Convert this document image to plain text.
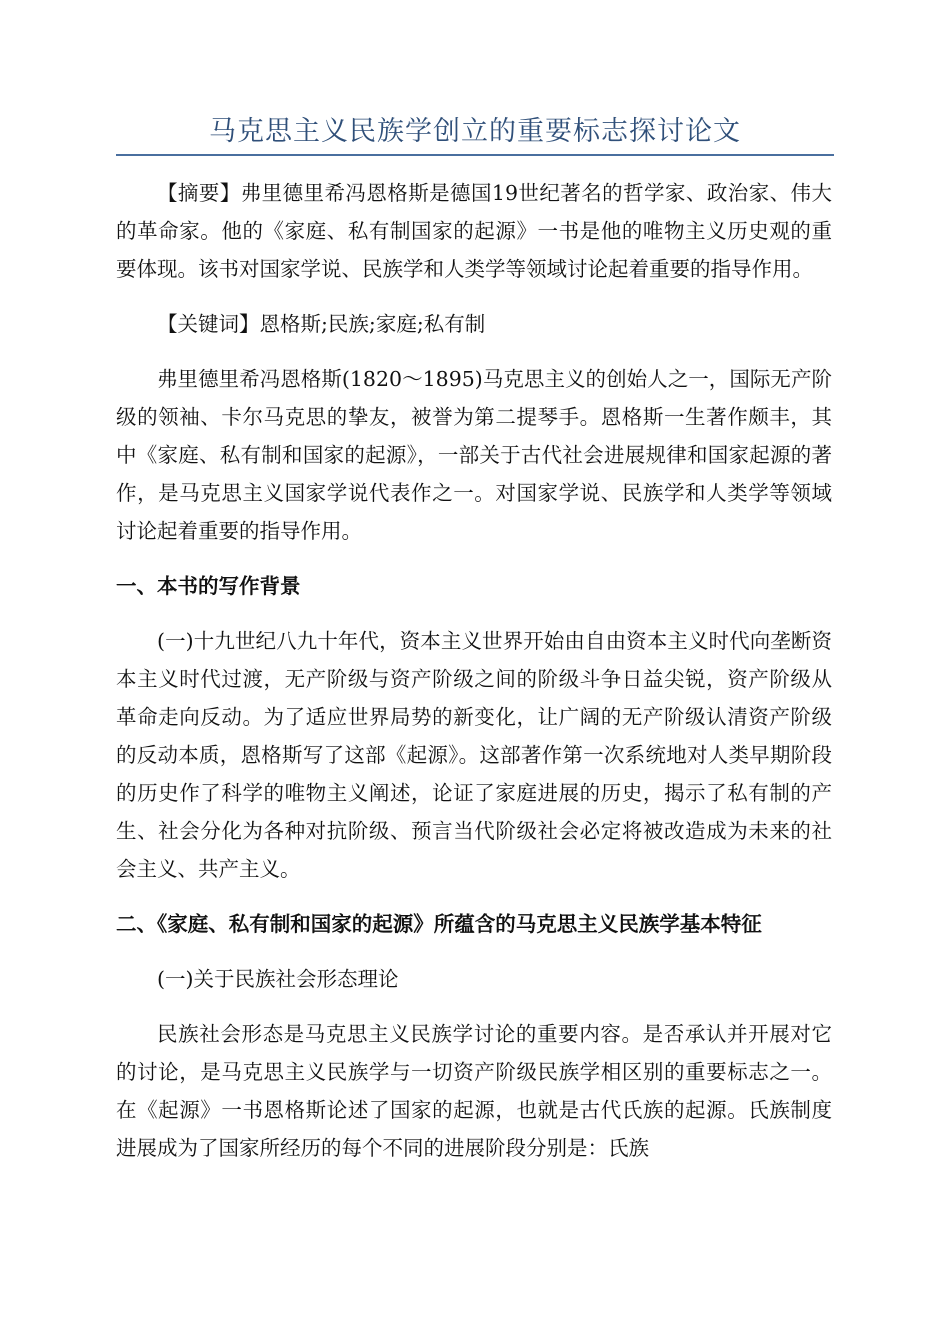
马克思主义民族学创立的重要标志探讨论文

【摘要】弗里德里希冯恩格斯是德国19世纪著名的哲学家、政治家、伟大的革命家。他的《家庭、私有制国家的起源》一书是他的唯物主义历史观的重要体现。该书对国家学说、民族学和人类学等领域讨论起着重要的指导作用。

【关键词】恩格斯;民族;家庭;私有制

弗里德里希冯恩格斯(1820～1895)马克思主义的创始人之一，国际无产阶级的领袖、卡尔马克思的挚友，被誉为第二提琴手。恩格斯一生著作颇丰，其中《家庭、私有制和国家的起源》，一部关于古代社会进展规律和国家起源的著作，是马克思主义国家学说代表作之一。对国家学说、民族学和人类学等领域讨论起着重要的指导作用。

一、本书的写作背景

(一)十九世纪八九十年代，资本主义世界开始由自由资本主义时代向垄断资本主义时代过渡，无产阶级与资产阶级之间的阶级斗争日益尖锐，资产阶级从革命走向反动。为了适应世界局势的新变化，让广阔的无产阶级认清资产阶级的反动本质，恩格斯写了这部《起源》。这部著作第一次系统地对人类早期阶段的历史作了科学的唯物主义阐述，论证了家庭进展的历史，揭示了私有制的产生、社会分化为各种对抗阶级、预言当代阶级社会必定将被改造成为未来的社会主义、共产主义。

二、《家庭、私有制和国家的起源》所蕴含的马克思主义民族学基本特征

(一)关于民族社会形态理论

民族社会形态是马克思主义民族学讨论的重要内容。是否承认并开展对它的讨论，是马克思主义民族学与一切资产阶级民族学相区别的重要标志之一。在《起源》一书恩格斯论述了国家的起源，也就是古代氏族的起源。氏族制度进展成为了国家所经历的每个不同的进展阶段分别是：氏族
